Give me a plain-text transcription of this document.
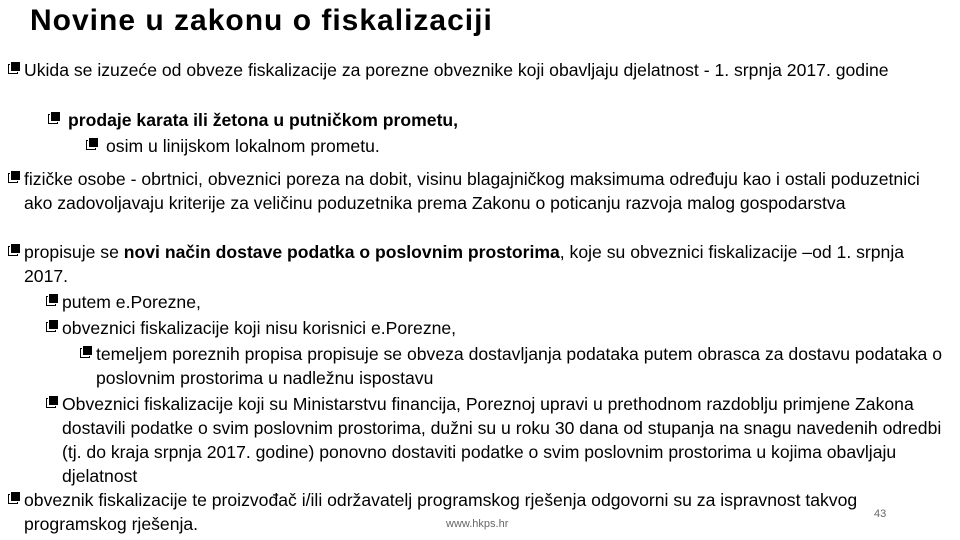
Novine u zakonu o fiskalizaciji
Ukida se izuzeće od obveze fiskalizacije za porezne obveznike koji obavljaju djelatnost - 1. srpnja 2017. godine
prodaje karata ili žetona u putničkom prometu,
osim u linijskom lokalnom prometu.
fizičke osobe - obrtnici, obveznici poreza na dobit, visinu blagajničkog maksimuma određuju kao i ostali poduzetnici ako zadovoljavaju kriterije za veličinu poduzetnika prema Zakonu o poticanju razvoja malog gospodarstva
propisuje se novi način dostave podatka o poslovnim prostorima, koje su obveznici fiskalizacije –od 1. srpnja 2017.
putem e.Porezne,
obveznici fiskalizacije koji nisu korisnici e.Porezne,
temeljem poreznih propisa propisuje se obveza dostavljanja podataka putem obrasca za dostavu podataka o poslovnim prostorima u nadležnu ispostavu
Obveznici fiskalizacije koji su Ministarstvu financija, Poreznoj upravi u prethodnom razdoblju primjene Zakona dostavili podatke o svim poslovnim prostorima, dužni su u roku 30 dana od stupanja na snagu navedenih odredbi (tj. do kraja srpnja 2017. godine) ponovno dostaviti podatke o svim poslovnim prostorima u kojima obavljaju djelatnost
obveznik fiskalizacije te proizvođač i/ili održavatelj programskog rješenja odgovorni su za ispravnost takvog programskog rješenja.	www.hkps.hr
43
